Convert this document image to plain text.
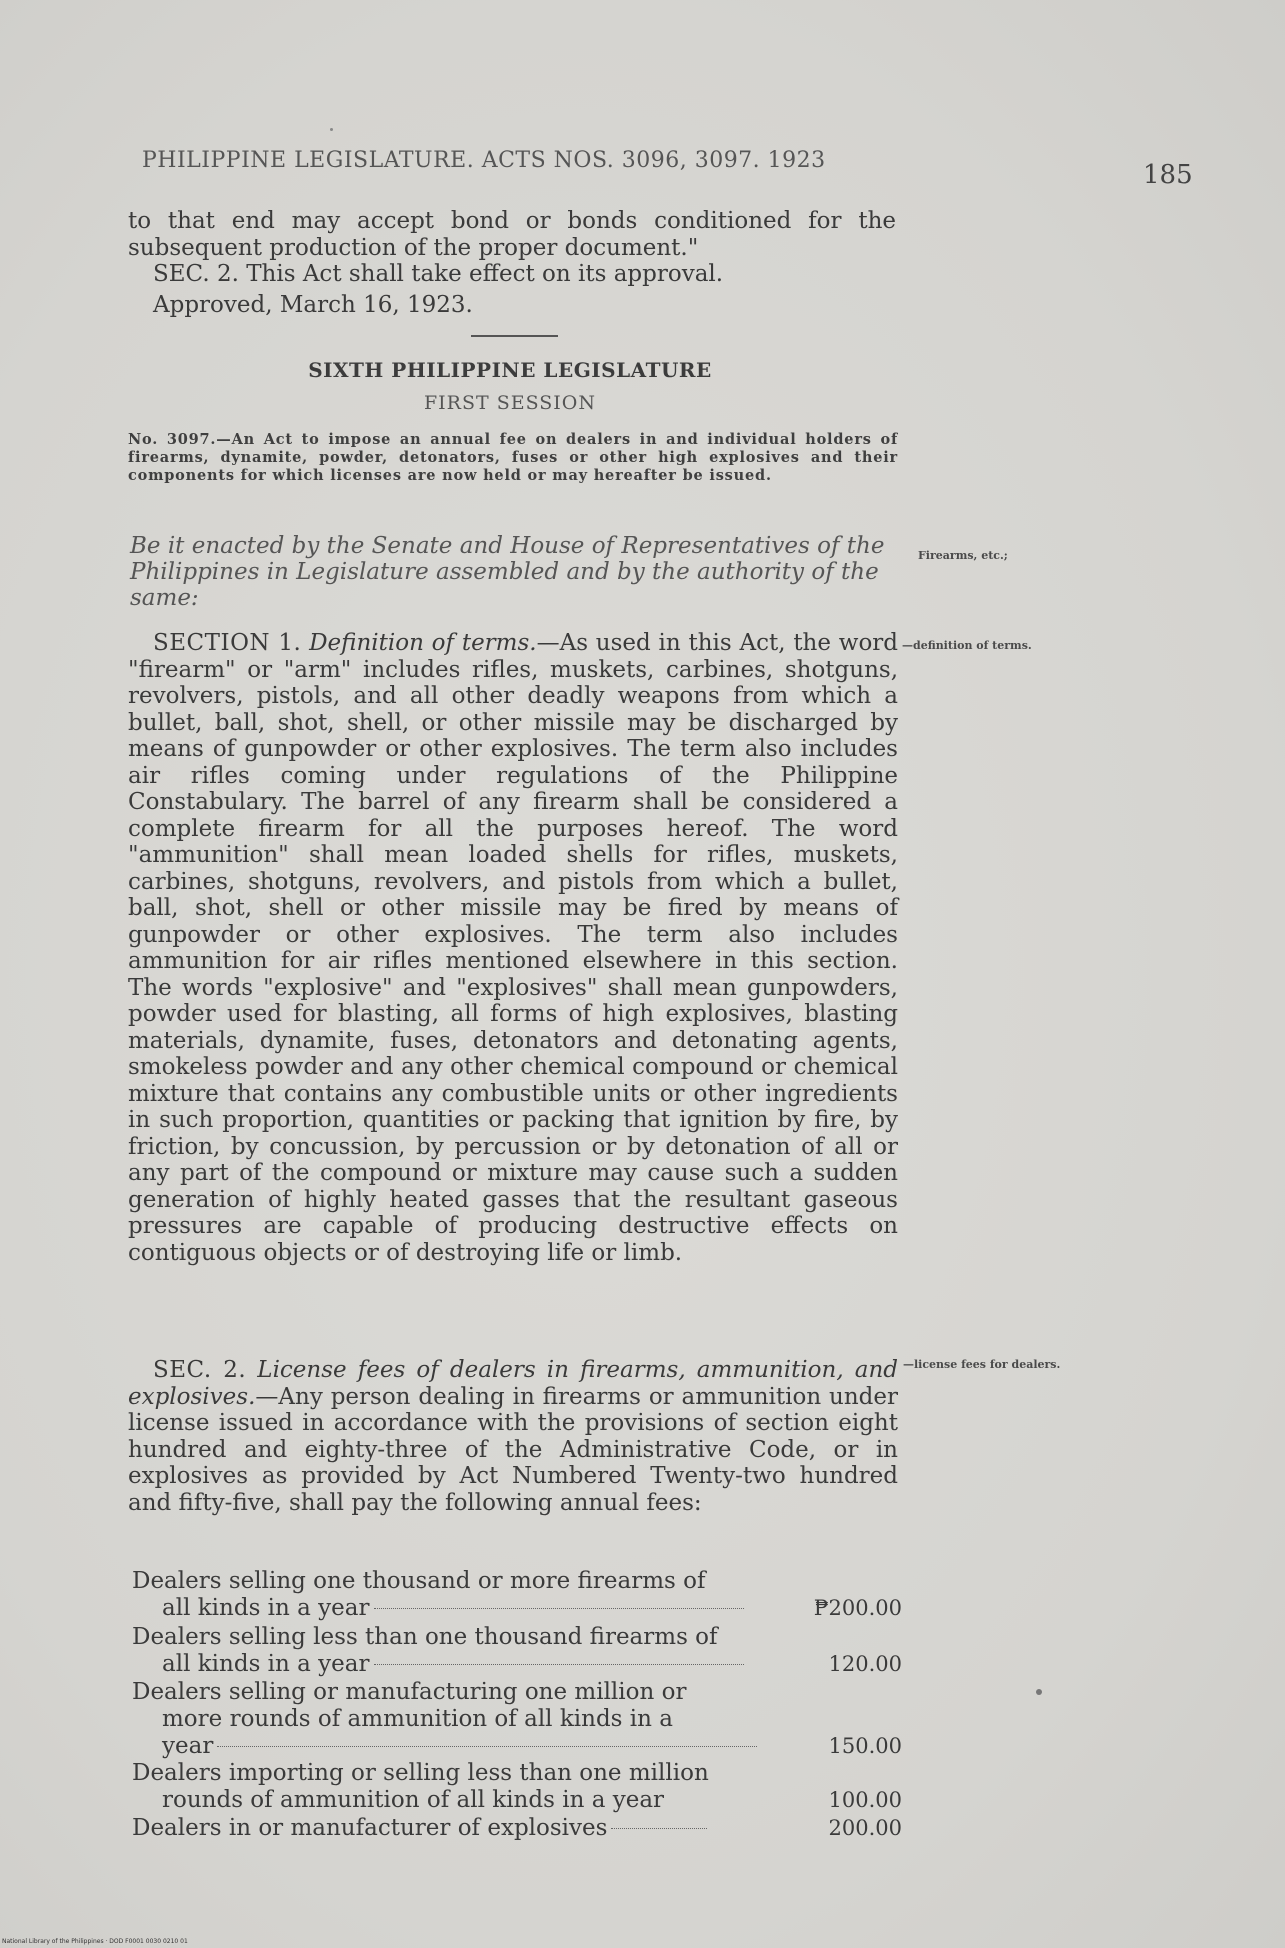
PHILIPPINE LEGISLATURE. ACTS NOS. 3096, 3097. 1923	185

to that end may accept bond or bonds conditioned for the subsequent production of the proper document."

SEC. 2. This Act shall take effect on its approval.

Approved, March 16, 1923.

SIXTH PHILIPPINE LEGISLATURE
FIRST SESSION
No. 3097.—An Act to impose an annual fee on dealers in and individual holders of firearms, dynamite, powder, detonators, fuses or other high explosives and their components for which licenses are now held or may hereafter be issued.
Be it enacted by the Senate and House of Representatives of the Philippines in Legislature assembled and by the authority of the same:
Firearms, etc.;
—definition of terms.
—license fees for dealers.

SECTION 1. Definition of terms.—As used in this Act, the word "firearm" or "arm" includes rifles, muskets, carbines, shotguns, revolvers, pistols, and all other deadly weapons from which a bullet, ball, shot, shell, or other missile may be discharged by means of gunpowder or other explosives. The term also includes air rifles coming under regulations of the Philippine Constabulary. The barrel of any firearm shall be considered a complete firearm for all the purposes hereof. The word "ammunition" shall mean loaded shells for rifles, muskets, carbines, shotguns, revolvers, and pistols from which a bullet, ball, shot, shell or other missile may be fired by means of gunpowder or other explosives. The term also includes ammunition for air rifles mentioned elsewhere in this section. The words "explosive" and "explosives" shall mean gunpowders, powder used for blasting, all forms of high explosives, blasting materials, dynamite, fuses, detonators and detonating agents, smokeless powder and any other chemical compound or chemical mixture that contains any combustible units or other ingredients in such proportion, quantities or packing that ignition by fire, by friction, by concussion, by percussion or by detonation of all or any part of the compound or mixture may cause such a sudden generation of highly heated gasses that the resultant gaseous pressures are capable of producing destructive effects on contiguous objects or of destroying life or limb.

SEC. 2. License fees of dealers in firearms, ammunition, and explosives.—Any person dealing in firearms or ammunition under license issued in accordance with the provisions of section eight hundred and eighty-three of the Administrative Code, or in explosives as provided by Act Numbered Twenty-two hundred and fifty-five, shall pay the following annual fees:

Dealers selling one thousand or more firearms of
all kinds in a year	₱200.00
Dealers selling less than one thousand firearms of
all kinds in a year	120.00
Dealers selling or manufacturing one million or
more rounds of ammunition of all kinds in a
year	150.00
Dealers importing or selling less than one million
rounds of ammunition of all kinds in a year	100.00
Dealers in or manufacturer of explosives	200.00
National Library of the Philippines · DOD F0001 0030 0210 01
